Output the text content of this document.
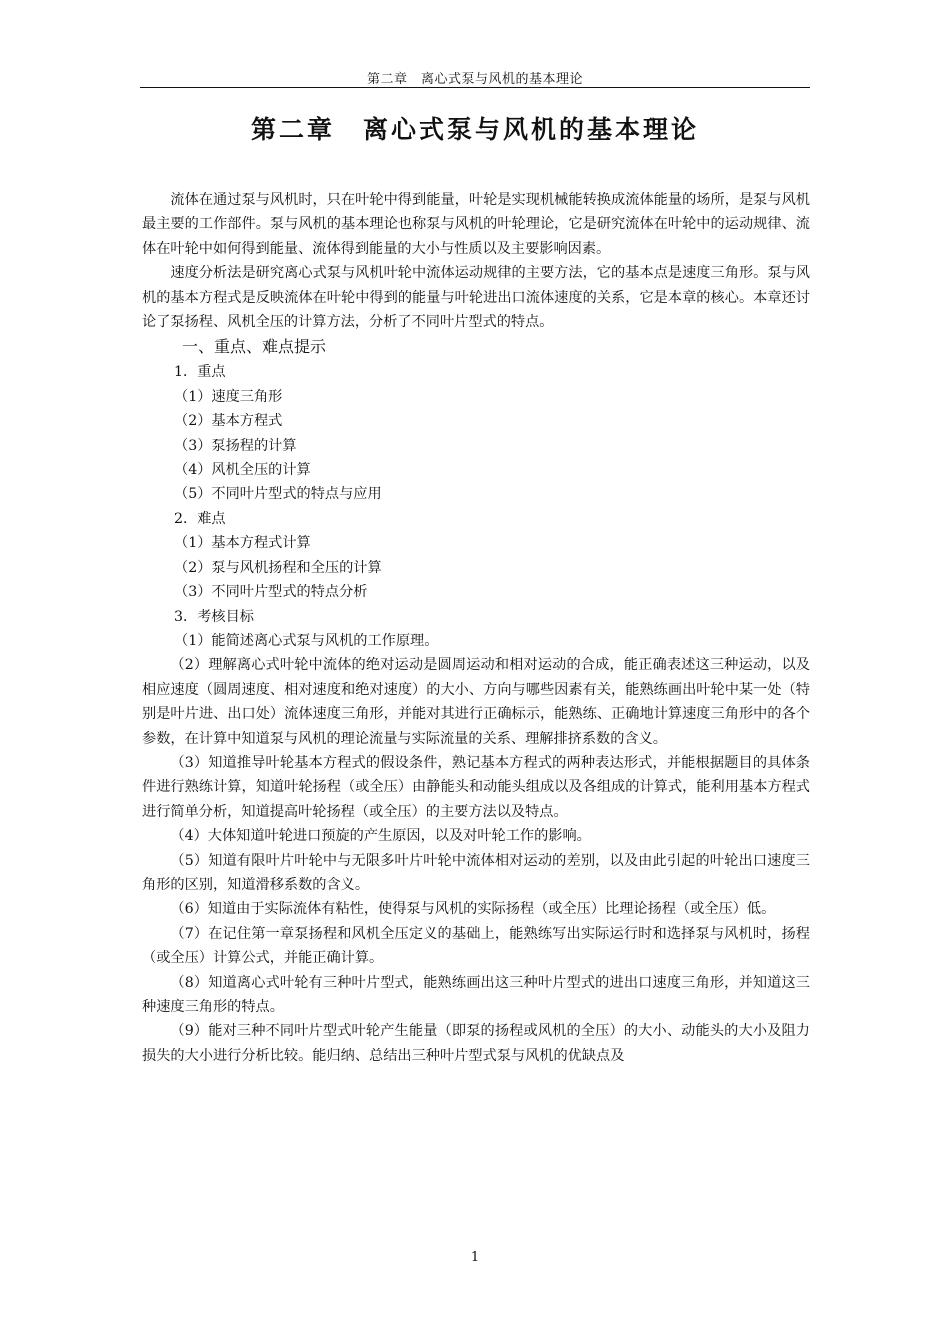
第二章　离心式泵与风机的基本理论
第二章　离心式泵与风机的基本理论

流体在通过泵与风机时，只在叶轮中得到能量，叶轮是实现机械能转换成流体能量的场所，是泵与风机最主要的工作部件。泵与风机的基本理论也称泵与风机的叶轮理论，它是研究流体在叶轮中的运动规律、流体在叶轮中如何得到能量、流体得到能量的大小与性质以及主要影响因素。

速度分析法是研究离心式泵与风机叶轮中流体运动规律的主要方法，它的基本点是速度三角形。泵与风机的基本方程式是反映流体在叶轮中得到的能量与叶轮进出口流体速度的关系，它是本章的核心。本章还讨论了泵扬程、风机全压的计算方法，分析了不同叶片型式的特点。

一、重点、难点提示

1．重点

（1）速度三角形

（2）基本方程式

（3）泵扬程的计算

（4）风机全压的计算

（5）不同叶片型式的特点与应用

2．难点

（1）基本方程式计算

（2）泵与风机扬程和全压的计算

（3）不同叶片型式的特点分析

3．考核目标

（1）能简述离心式泵与风机的工作原理。

（2）理解离心式叶轮中流体的绝对运动是圆周运动和相对运动的合成，能正确表述这三种运动，以及相应速度（圆周速度、相对速度和绝对速度）的大小、方向与哪些因素有关，能熟练画出叶轮中某一处（特别是叶片进、出口处）流体速度三角形，并能对其进行正确标示，能熟练、正确地计算速度三角形中的各个参数，在计算中知道泵与风机的理论流量与实际流量的关系、理解排挤系数的含义。

（3）知道推导叶轮基本方程式的假设条件，熟记基本方程式的两种表达形式，并能根据题目的具体条件进行熟练计算，知道叶轮扬程（或全压）由静能头和动能头组成以及各组成的计算式，能利用基本方程式进行简单分析，知道提高叶轮扬程（或全压）的主要方法以及特点。

（4）大体知道叶轮进口预旋的产生原因，以及对叶轮工作的影响。

（5）知道有限叶片叶轮中与无限多叶片叶轮中流体相对运动的差别，以及由此引起的叶轮出口速度三角形的区别，知道滑移系数的含义。

（6）知道由于实际流体有粘性，使得泵与风机的实际扬程（或全压）比理论扬程（或全压）低。

（7）在记住第一章泵扬程和风机全压定义的基础上，能熟练写出实际运行时和选择泵与风机时，扬程（或全压）计算公式，并能正确计算。

（8）知道离心式叶轮有三种叶片型式，能熟练画出这三种叶片型式的进出口速度三角形，并知道这三种速度三角形的特点。

（9）能对三种不同叶片型式叶轮产生能量（即泵的扬程或风机的全压）的大小、动能头的大小及阻力损失的大小进行分析比较。能归纳、总结出三种叶片型式泵与风机的优缺点及

1
